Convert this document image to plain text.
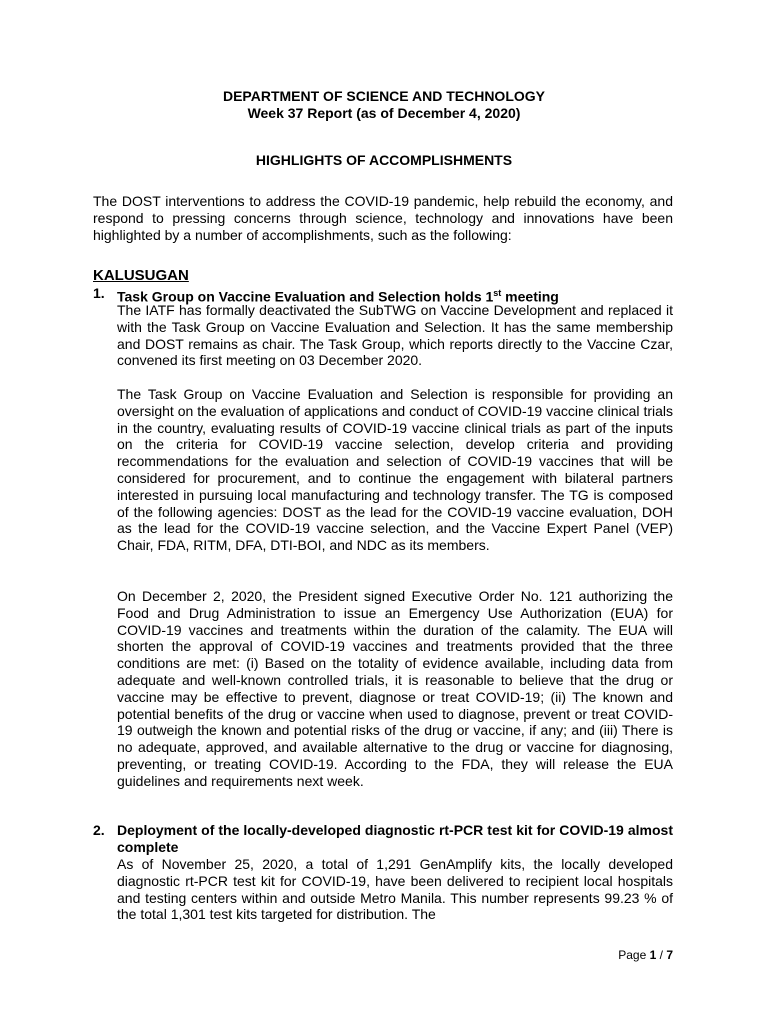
DEPARTMENT OF SCIENCE AND TECHNOLOGY
Week 37 Report (as of December 4, 2020)
HIGHLIGHTS OF ACCOMPLISHMENTS

The DOST interventions to address the COVID-19 pandemic, help rebuild the economy, and respond to pressing concerns through science, technology and innovations have been highlighted by a number of accomplishments, such as the following:

KALUSUGAN

1. Task Group on Vaccine Evaluation and Selection holds 1st meeting

The IATF has formally deactivated the SubTWG on Vaccine Development and replaced it with the Task Group on Vaccine Evaluation and Selection. It has the same membership and DOST remains as chair. The Task Group, which reports directly to the Vaccine Czar, convened its first meeting on 03 December 2020.

The Task Group on Vaccine Evaluation and Selection is responsible for providing an oversight on the evaluation of applications and conduct of COVID-19 vaccine clinical trials in the country, evaluating results of COVID-19 vaccine clinical trials as part of the inputs on the criteria for COVID-19 vaccine selection, develop criteria and providing recommendations for the evaluation and selection of COVID-19 vaccines that will be considered for procurement, and to continue the engagement with bilateral partners interested in pursuing local manufacturing and technology transfer. The TG is composed of the following agencies: DOST as the lead for the COVID-19 vaccine evaluation, DOH as the lead for the COVID-19 vaccine selection, and the Vaccine Expert Panel (VEP) Chair, FDA, RITM, DFA, DTI-BOI, and NDC as its members.

On December 2, 2020, the President signed Executive Order No. 121 authorizing the Food and Drug Administration to issue an Emergency Use Authorization (EUA) for COVID-19 vaccines and treatments within the duration of the calamity. The EUA will shorten the approval of COVID-19 vaccines and treatments provided that the three conditions are met: (i) Based on the totality of evidence available, including data from adequate and well-known controlled trials, it is reasonable to believe that the drug or vaccine may be effective to prevent, diagnose or treat COVID-19; (ii) The known and potential benefits of the drug or vaccine when used to diagnose, prevent or treat COVID-19 outweigh the known and potential risks of the drug or vaccine, if any; and (iii) There is no adequate, approved, and available alternative to the drug or vaccine for diagnosing, preventing, or treating COVID-19. According to the FDA, they will release the EUA guidelines and requirements next week.

2. Deployment of the locally-developed diagnostic rt-PCR test kit for COVID-19 almost complete

As of November 25, 2020, a total of 1,291 GenAmplify kits, the locally developed diagnostic rt-PCR test kit for COVID-19, have been delivered to recipient local hospitals and testing centers within and outside Metro Manila. This number represents 99.23 % of the total 1,301 test kits targeted for distribution. The

Page 1 / 7
